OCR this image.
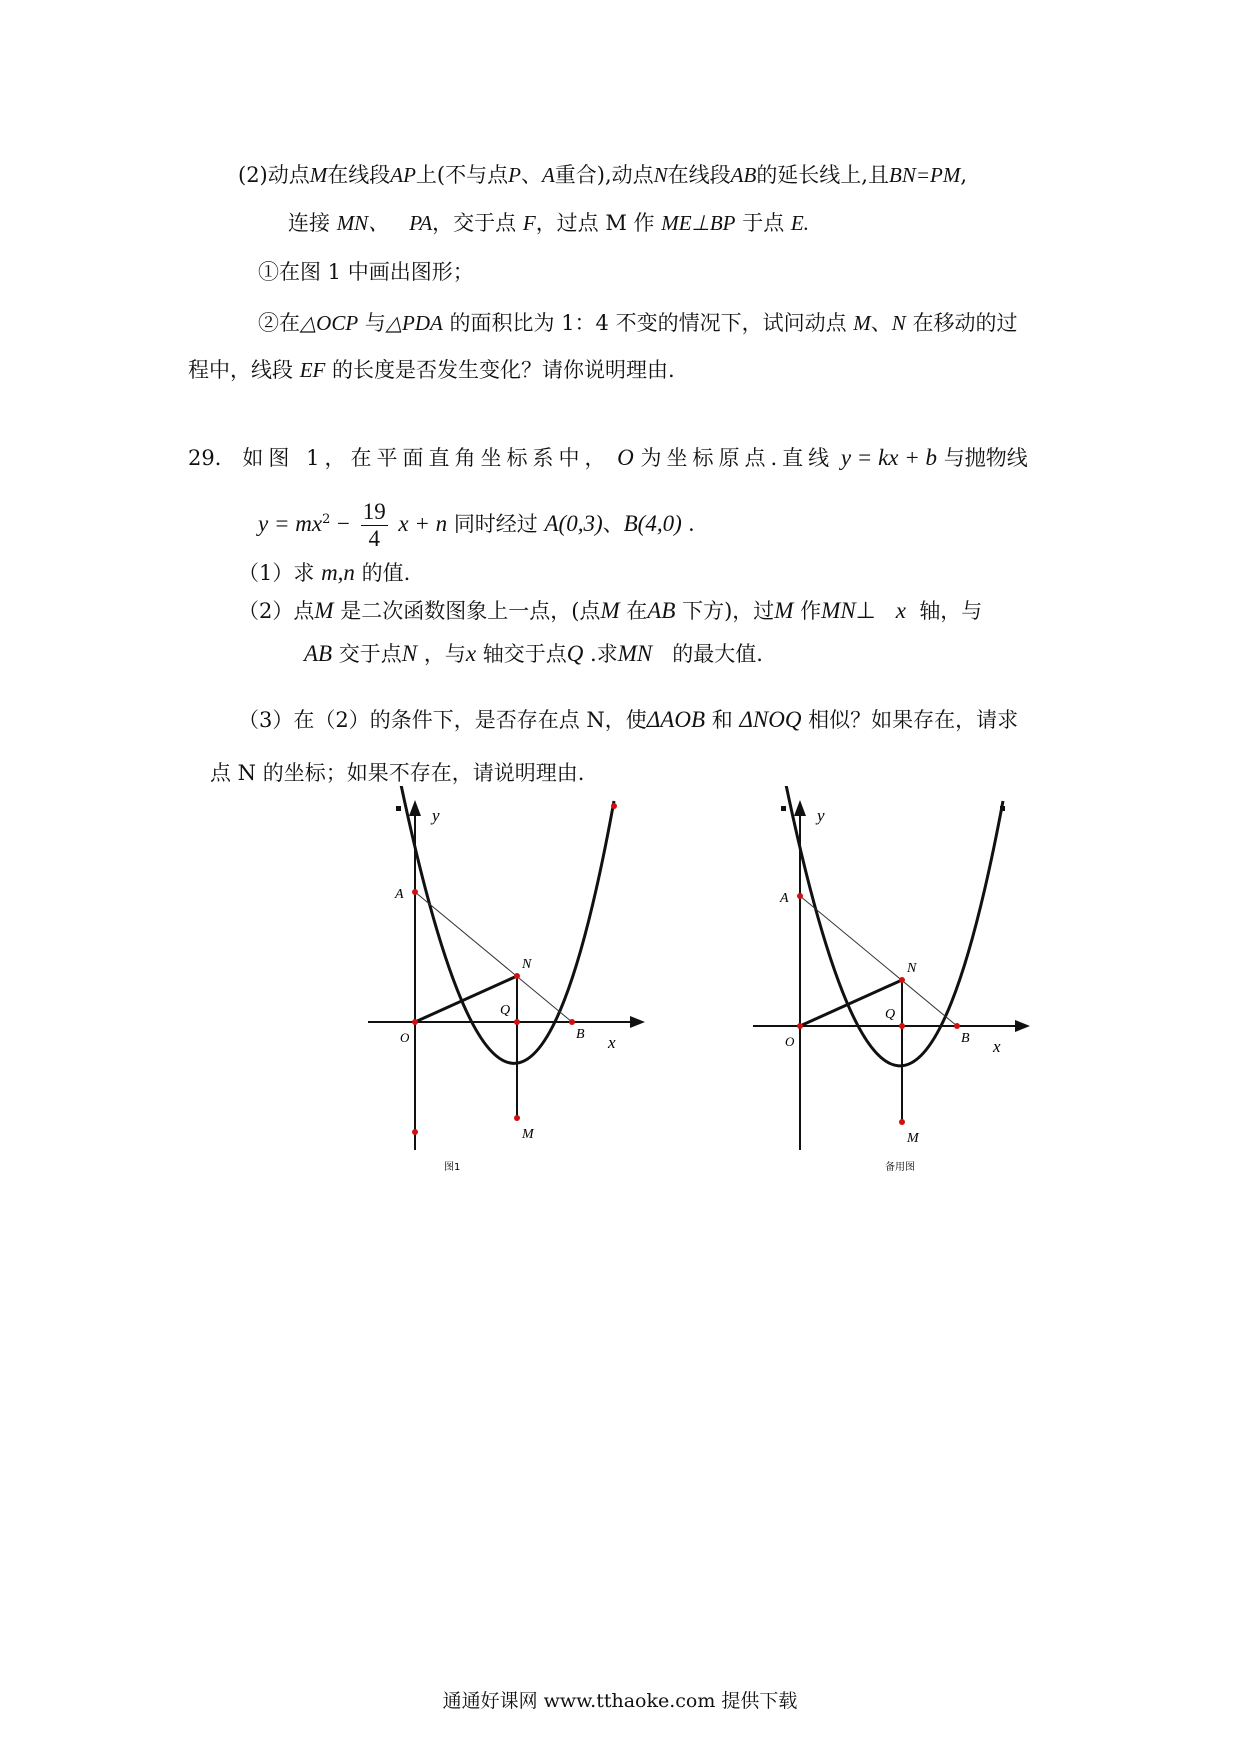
(2)动点M在线段AP上(不与点P、A重合),动点N在线段AB的延长线上,且BN=PM,
连接 MN、 PA，交于点 F，过点 M 作 ME⊥BP 于点 E.
①在图 1 中画出图形；
②在△OCP 与△PDA 的面积比为 1：4 不变的情况下，试问动点 M、N 在移动的过
程中，线段 EF 的长度是否发生变化？请你说明理由.
29． 如图 1，在平面直角坐标系中， O 为坐标原点.直线 y = kx + b 与抛物线
$y = mx^2 - \frac{19}{4}$ x + n 同时经过 A(0,3)、B(4,0) .
（1）求 m,n 的值.
（2）点M 是二次函数图象上一点，(点M 在AB 下方)，过M 作MN⊥ x 轴，与
AB 交于点N ，与x 轴交于点Q .求MN 的最大值.
（3）在（2）的条件下，是否存在点 N，使ΔAOB 和 ΔNOQ 相似？如果存在，请求
点 N 的坐标；如果不存在，请说明理由.
y
A
N
Q
O	B x
M
图1
y
A
N
Q
O	B x
M
备用图
通通好课网 www.tthaoke.com 提供下载
